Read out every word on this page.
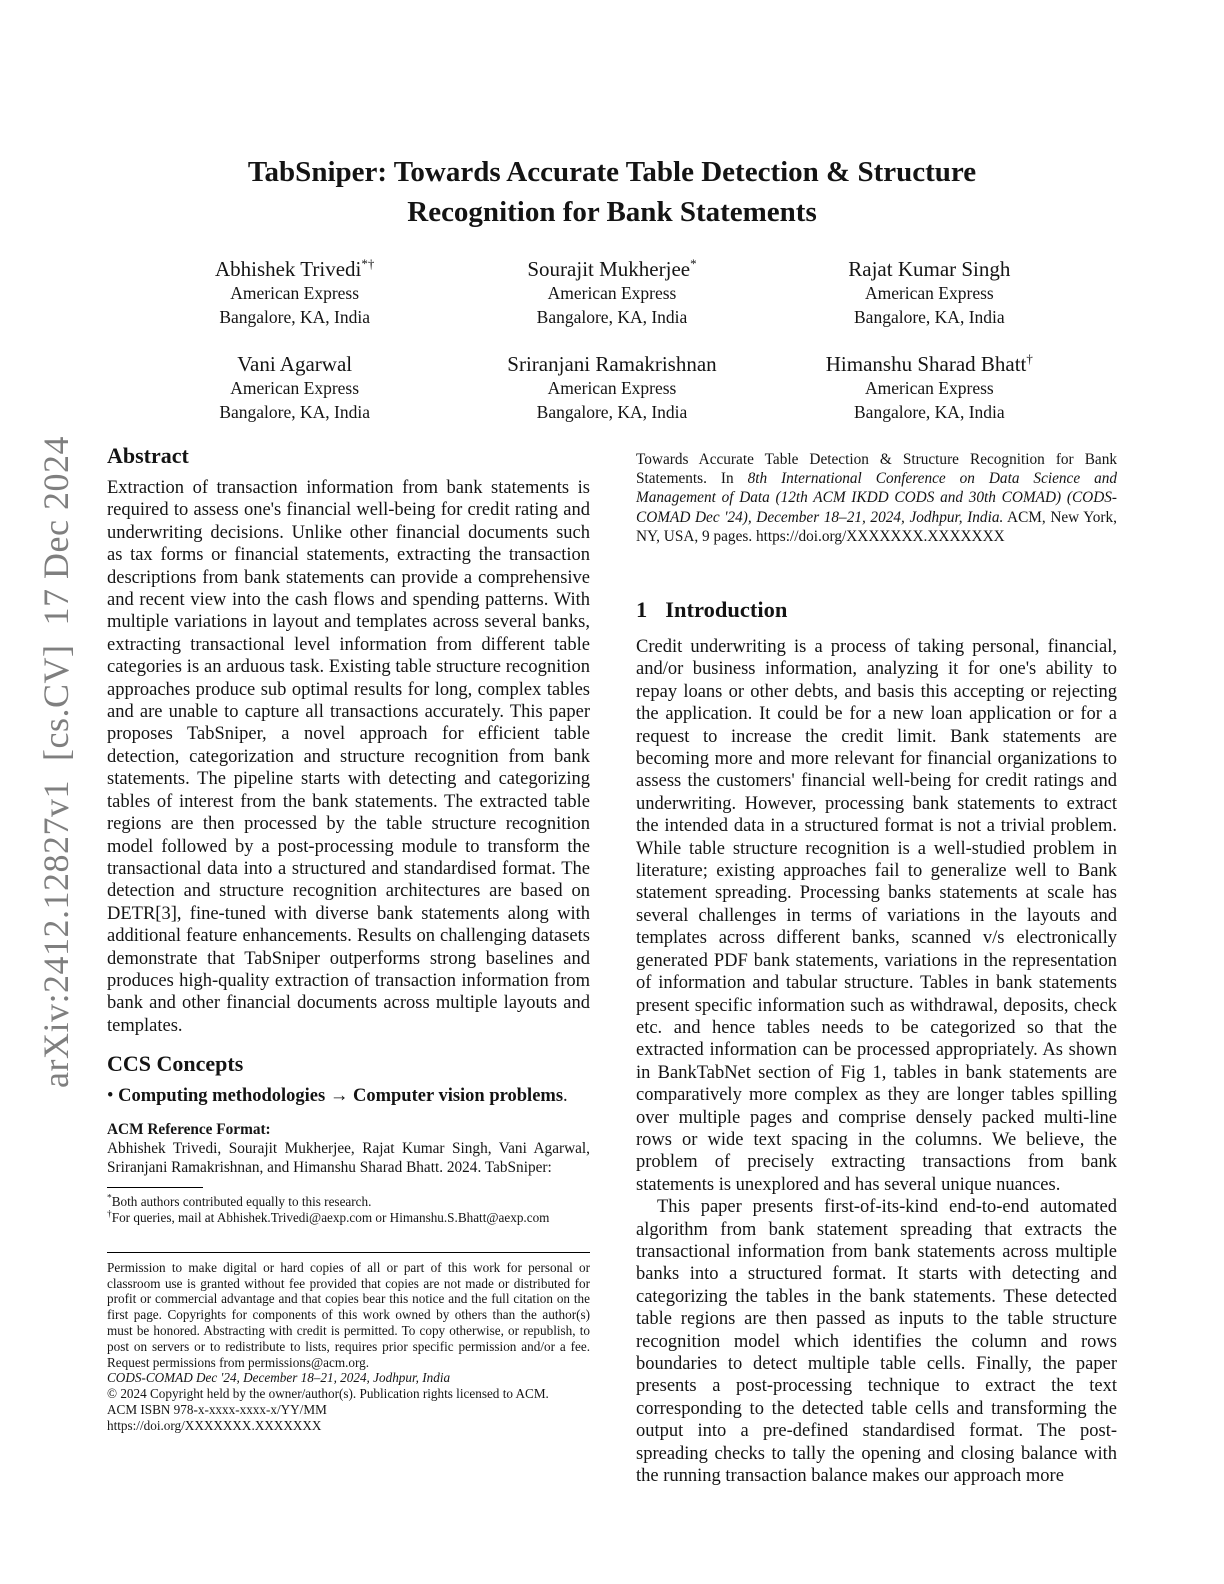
arXiv:2412.12827v1  [cs.CV]  17 Dec 2024
TabSniper: Towards Accurate Table Detection & Structure
Recognition for Bank Statements
Abhishek Trivedi*†
American Express
Bangalore, KA, India
Sourajit Mukherjee*
American Express
Bangalore, KA, India
Rajat Kumar Singh
American Express
Bangalore, KA, India
Vani Agarwal
American Express
Bangalore, KA, India
Sriranjani Ramakrishnan
American Express
Bangalore, KA, India
Himanshu Sharad Bhatt†
American Express
Bangalore, KA, India
Abstract

Extraction of transaction information from bank statements is required to assess one's financial well-being for credit rating and underwriting decisions. Unlike other financial documents such as tax forms or financial statements, extracting the transaction descriptions from bank statements can provide a comprehensive and recent view into the cash flows and spending patterns. With multiple variations in layout and templates across several banks, extracting transactional level information from different table categories is an arduous task. Existing table structure recognition approaches produce sub optimal results for long, complex tables and are unable to capture all transactions accurately. This paper proposes TabSniper, a novel approach for efficient table detection, categorization and structure recognition from bank statements. The pipeline starts with detecting and categorizing tables of interest from the bank statements. The extracted table regions are then processed by the table structure recognition model followed by a post-processing module to transform the transactional data into a structured and standardised format. The detection and structure recognition architectures are based on DETR[3], fine-tuned with diverse bank statements along with additional feature enhancements. Results on challenging datasets demonstrate that TabSniper outperforms strong baselines and produces high-quality extraction of transaction information from bank and other financial documents across multiple layouts and templates.

CCS Concepts
• Computing methodologies → Computer vision problems.
ACM Reference Format:
Abhishek Trivedi, Sourajit Mukherjee, Rajat Kumar Singh, Vani Agarwal, Sriranjani Ramakrishnan, and Himanshu Sharad Bhatt. 2024. TabSniper:
*Both authors contributed equally to this research.
†For queries, mail at Abhishek.Trivedi@aexp.com or Himanshu.S.Bhatt@aexp.com
Permission to make digital or hard copies of all or part of this work for personal or classroom use is granted without fee provided that copies are not made or distributed for profit or commercial advantage and that copies bear this notice and the full citation on the first page. Copyrights for components of this work owned by others than the author(s) must be honored. Abstracting with credit is permitted. To copy otherwise, or republish, to post on servers or to redistribute to lists, requires prior specific permission and/or a fee. Request permissions from permissions@acm.org.
CODS-COMAD Dec '24, December 18–21, 2024, Jodhpur, India
© 2024 Copyright held by the owner/author(s). Publication rights licensed to ACM.
ACM ISBN 978-x-xxxx-xxxx-x/YY/MM
https://doi.org/XXXXXXX.XXXXXXX
Towards Accurate Table Detection & Structure Recognition for Bank Statements. In 8th International Conference on Data Science and Management of Data (12th ACM IKDD CODS and 30th COMAD) (CODS-COMAD Dec '24), December 18–21, 2024, Jodhpur, India. ACM, New York, NY, USA, 9 pages. https://doi.org/XXXXXXX.XXXXXXX
1 Introduction

Credit underwriting is a process of taking personal, financial, and/or business information, analyzing it for one's ability to repay loans or other debts, and basis this accepting or rejecting the application. It could be for a new loan application or for a request to increase the credit limit. Bank statements are becoming more and more relevant for financial organizations to assess the customers' financial well-being for credit ratings and underwriting. However, processing bank statements to extract the intended data in a structured format is not a trivial problem. While table structure recognition is a well-studied problem in literature; existing approaches fail to generalize well to Bank statement spreading. Processing banks statements at scale has several challenges in terms of variations in the layouts and templates across different banks, scanned v/s electronically generated PDF bank statements, variations in the representation of information and tabular structure. Tables in bank statements present specific information such as withdrawal, deposits, check etc. and hence tables needs to be categorized so that the extracted information can be processed appropriately. As shown in BankTabNet section of Fig 1, tables in bank statements are comparatively more complex as they are longer tables spilling over multiple pages and comprise densely packed multi-line rows or wide text spacing in the columns. We believe, the problem of precisely extracting transactions from bank statements is unexplored and has several unique nuances.

This paper presents first-of-its-kind end-to-end automated algorithm from bank statement spreading that extracts the transactional information from bank statements across multiple banks into a structured format. It starts with detecting and categorizing the tables in the bank statements. These detected table regions are then passed as inputs to the table structure recognition model which identifies the column and rows boundaries to detect multiple table cells. Finally, the paper presents a post-processing technique to extract the text corresponding to the detected table cells and transforming the output into a pre-defined standardised format. The post-spreading checks to tally the opening and closing balance with the running transaction balance makes our approach more
